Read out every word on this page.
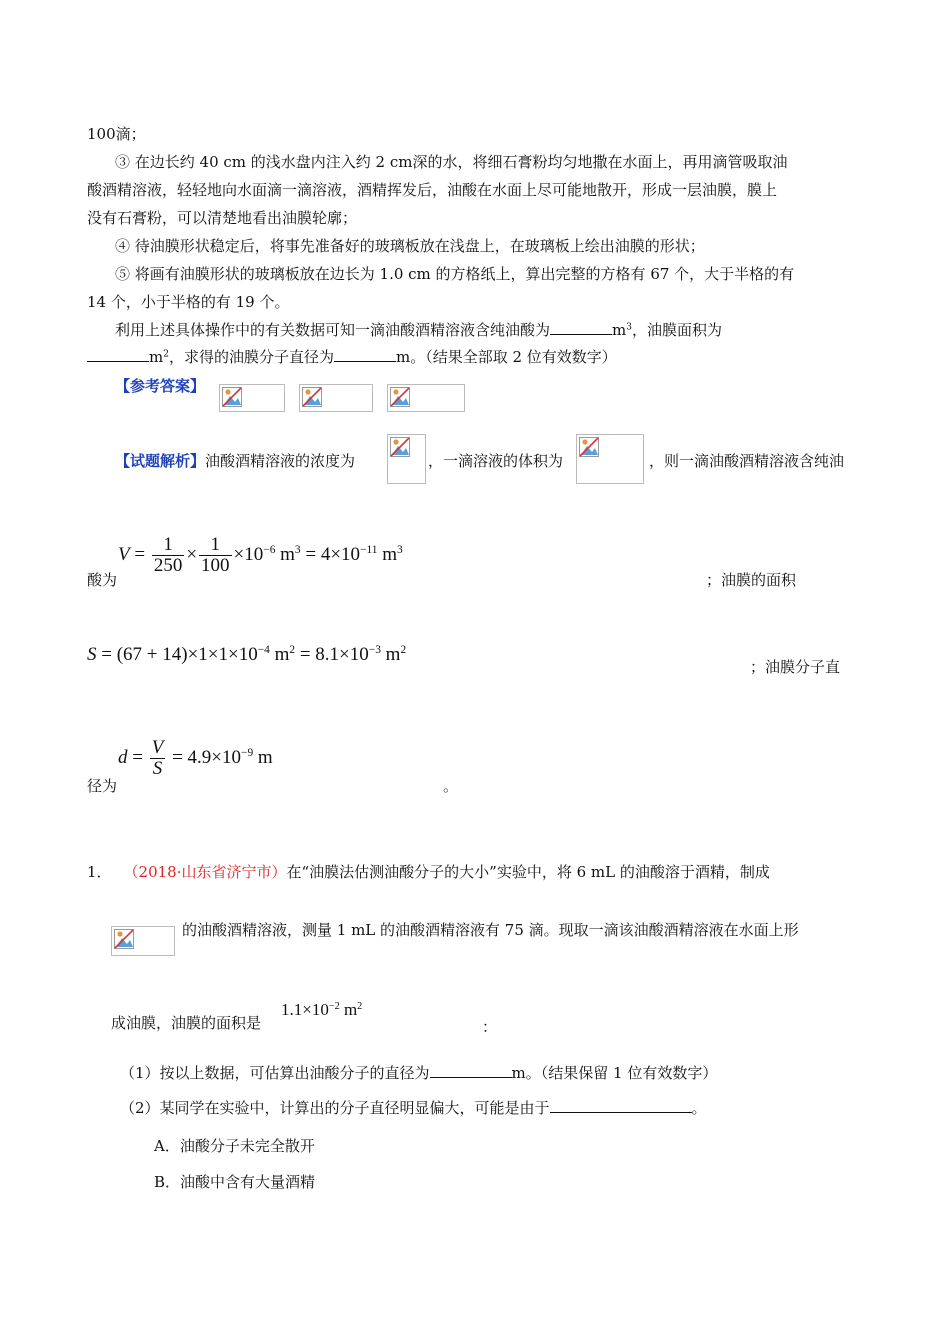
100滴；
③ 在边长约 40 cm 的浅水盘内注入约 2 cm深的水，将细石膏粉均匀地撒在水面上，再用滴管吸取油
酸酒精溶液，轻轻地向水面滴一滴溶液，酒精挥发后，油酸在水面上尽可能地散开，形成一层油膜，膜上
没有石膏粉，可以清楚地看出油膜轮廓；
④ 待油膜形状稳定后，将事先准备好的玻璃板放在浅盘上，在玻璃板上绘出油膜的形状；
⑤ 将画有油膜形状的玻璃板放在边长为 1.0 cm 的方格纸上，算出完整的方格有 67 个，大于半格的有
14 个，小于半格的有 19 个。
利用上述具体操作中的有关数据可知一滴油酸酒精溶液含纯油酸为	$m^3$，油膜面积为
$m^2$，求得的油膜分子直径为	m。（结果全部取 2 位有效数字）
【参考答案】
【试题解析】油酸酒精溶液的浓度为	，一滴溶液的体积为	，则一滴油酸酒精溶液含纯油
$V = \frac{1}{250} \times \frac{1}{100} \times 10^{-6}$ $m^3 = 4\times 10^{-11}$ $m^3$
酸为	；油膜的面积
$S = (67 + 14)\times 1\times 1\times 10^{-4}$ $m^2 = 8.1\times 10^{-3}$ $m^2$
；油膜分子直
$d = \frac{V}{S} = 4.9\times 10^{-9}$ m
径为	。
1． （2018·山东省济宁市）在“油膜法估测油酸分子的大小”实验中，将 6 mL 的油酸溶于酒精，制成
的油酸酒精溶液，测量 1 mL 的油酸酒精溶液有 75 滴。现取一滴该油酸酒精溶液在水面上形
成油膜，油膜的面积是
$1.1\times 10^{-2}$ $m^2$
：
（1）按以上数据，可估算出油酸分子的直径为	m。（结果保留 1 位有效数字）
（2）某同学在实验中，计算出的分子直径明显偏大，可能是由于	。
A．油酸分子未完全散开
B．油酸中含有大量酒精
